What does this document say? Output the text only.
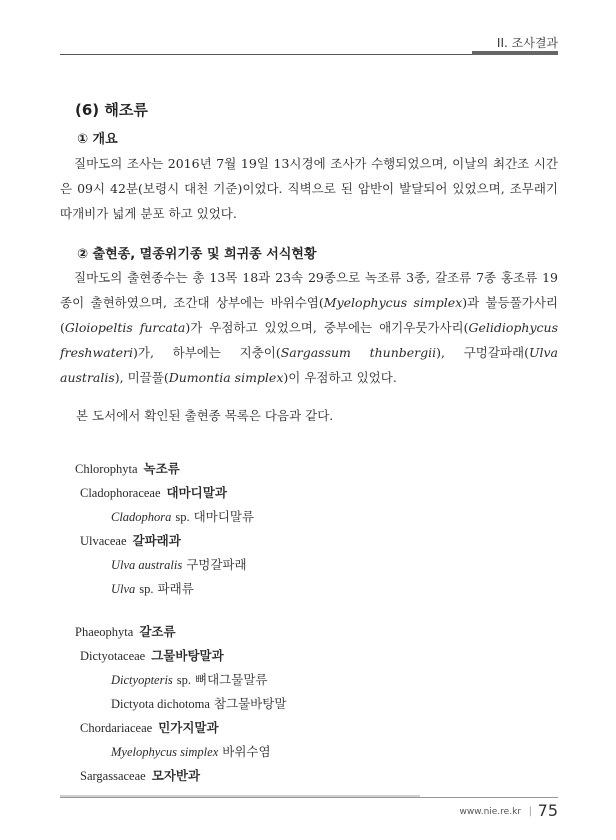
II. 조사결과
(6) 해조류
① 개요
질마도의 조사는 2016년 7월 19일 13시경에 조사가 수행되었으며, 이날의 최간조 시간은 09시 42분(보령시 대천 기준)이었다. 직벽으로 된 암반이 발달되어 있었으며, 조무래기 따개비가 넓게 분포 하고 있었다.
② 출현종, 멸종위기종 및 희귀종 서식현황
질마도의 출현종수는 총 13목 18과 23속 29종으로 녹조류 3종, 갈조류 7종 홍조류 19종이 출현하였으며, 조간대 상부에는 바위수염(Myelophycus simplex)과 불등풀가사리(Gloiopeltis furcata)가 우점하고 있었으며, 중부에는 애기우뭇가사리(Gelidiophycus freshwateri)가, 하부에는 지충이(Sargassum thunbergii), 구멍갈파래(Ulva australis), 미끌풀(Dumontia simplex)이 우점하고 있었다.
본 도서에서 확인된 출현종 목록은 다음과 같다.
Chlorophyta 녹조류
Cladophoraceae 대마디말과
Cladophora sp. 대마디말류
Ulvaceae 갈파래과
Ulva australis 구멍갈파래
Ulva sp. 파래류
Phaeophyta 갈조류
Dictyotaceae 그물바탕말과
Dictyopteris sp. 뼈대그물말류
Dictyota dichotoma 참그물바탕말
Chordariaceae 민가지말과
Myelophycus simplex 바위수염
Sargassaceae 모자반과
www.nie.re.kr | 75
